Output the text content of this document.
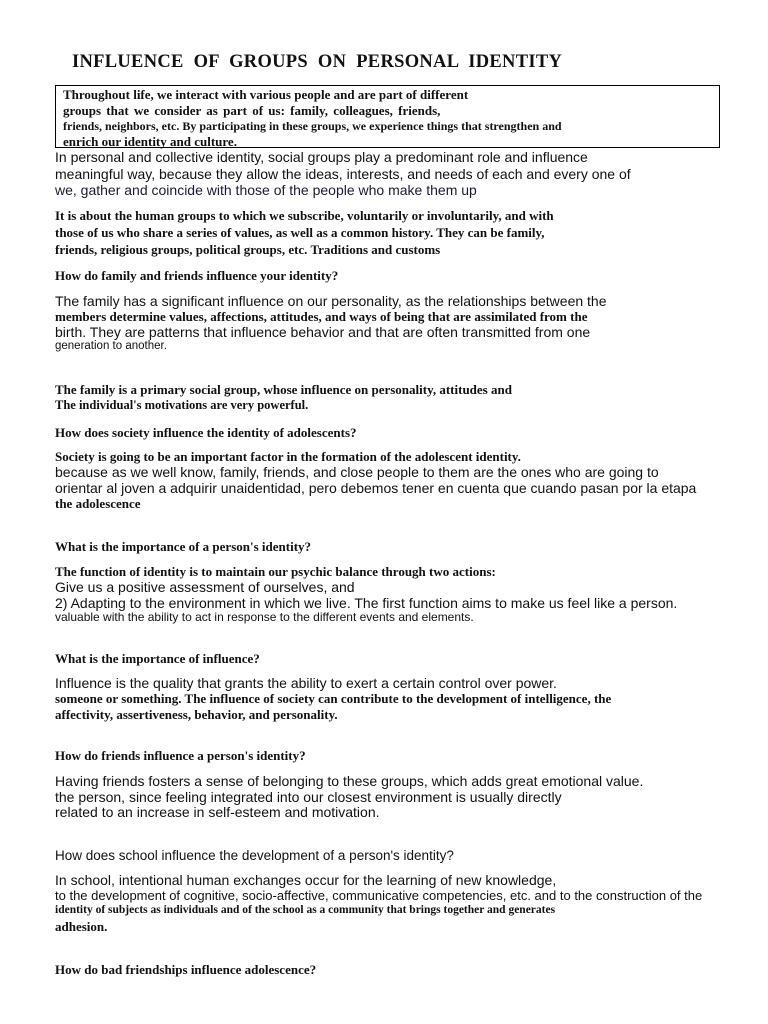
INFLUENCE OF GROUPS ON PERSONAL IDENTITY
Throughout life, we interact with various people and are part of different
groups that we consider as part of us: family, colleagues, friends,
friends, neighbors, etc. By participating in these groups, we experience things that strengthen and
enrich our identity and culture.
In personal and collective identity, social groups play a predominant role and influence
meaningful way, because they allow the ideas, interests, and needs of each and every one of
we, gather and coincide with those of the people who make them up
It is about the human groups to which we subscribe, voluntarily or involuntarily, and with
those of us who share a series of values, as well as a common history. They can be family,
friends, religious groups, political groups, etc. Traditions and customs
How do family and friends influence your identity?
The family has a significant influence on our personality, as the relationships between the
members determine values, affections, attitudes, and ways of being that are assimilated from the
birth. They are patterns that influence behavior and that are often transmitted from one
generation to another.
The family is a primary social group, whose influence on personality, attitudes and
The individual's motivations are very powerful.
How does society influence the identity of adolescents?
Society is going to be an important factor in the formation of the adolescent identity.
because as we well know, family, friends, and close people to them are the ones who are going to
orientar al joven a adquirir unaidentidad, pero debemos tener en cuenta que cuando pasan por la etapa
the adolescence
What is the importance of a person's identity?
The function of identity is to maintain our psychic balance through two actions:
Give us a positive assessment of ourselves, and
2) Adapting to the environment in which we live. The first function aims to make us feel like a person.
valuable with the ability to act in response to the different events and elements.
What is the importance of influence?
Influence is the quality that grants the ability to exert a certain control over power.
someone or something. The influence of society can contribute to the development of intelligence, the
affectivity, assertiveness, behavior, and personality.
How do friends influence a person's identity?
Having friends fosters a sense of belonging to these groups, which adds great emotional value.
the person, since feeling integrated into our closest environment is usually directly
related to an increase in self-esteem and motivation.
How does school influence the development of a person's identity?
In school, intentional human exchanges occur for the learning of new knowledge,
to the development of cognitive, socio-affective, communicative competencies, etc. and to the construction of the
identity of subjects as individuals and of the school as a community that brings together and generates
adhesion.
How do bad friendships influence adolescence?
